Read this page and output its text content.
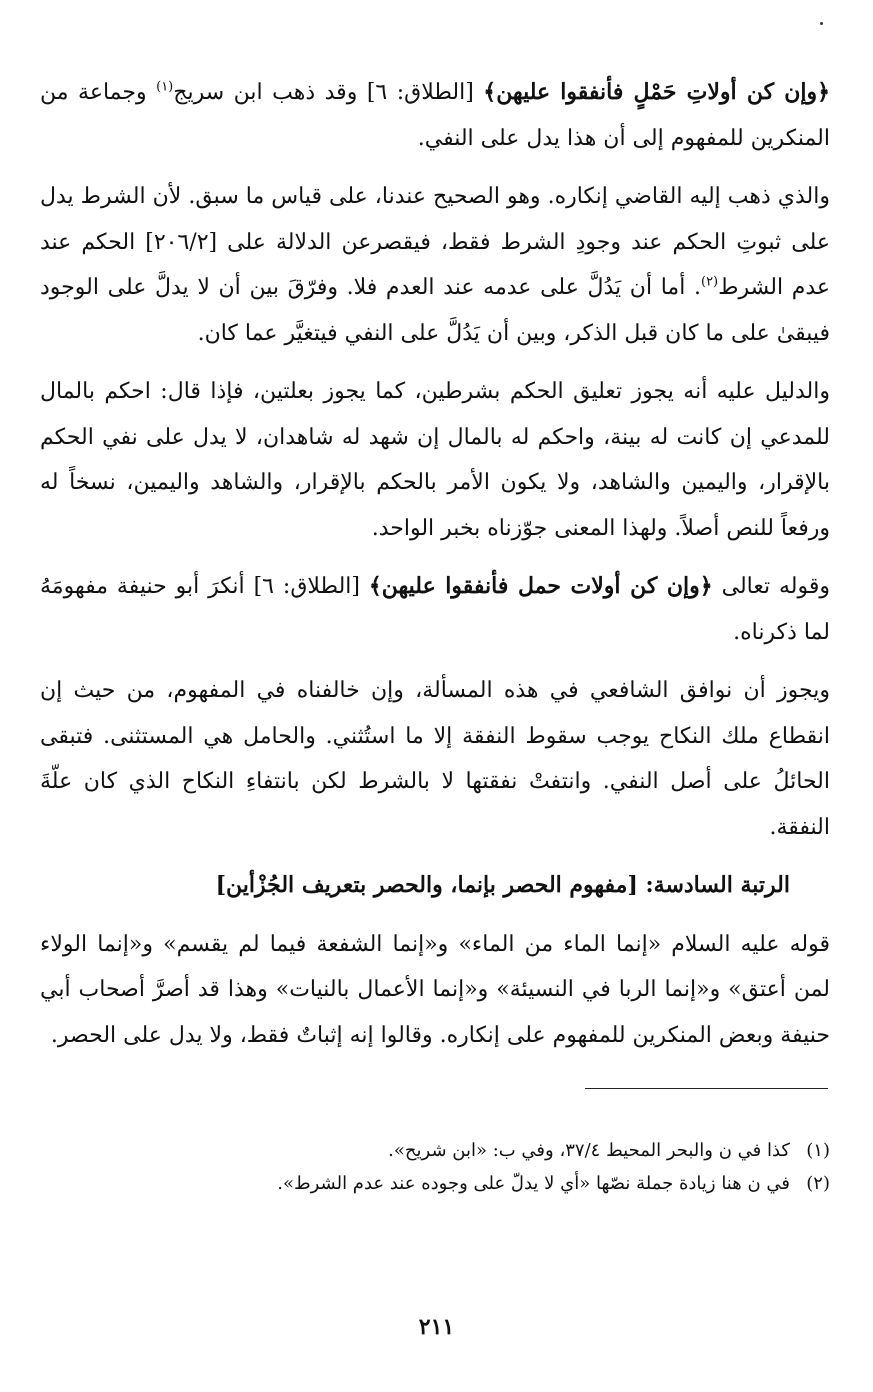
﴿وإن كن أولاتِ حَمْلٍ فأنفقوا عليهن﴾ [الطلاق: ٦] وقد ذهب ابن سريج$^{(١)}$ وجماعة من المنكرين للمفهوم إلى أن هذا يدل على النفي.

والذي ذهب إليه القاضي إنكاره. وهو الصحيح عندنا، على قياس ما سبق. لأن الشرط يدل على ثبوتِ الحكم عند وجودِ الشرط فقط، فيقصرعن الدلالة على [٢٠٦/٢] الحكم عند عدم الشرط$^{(٢)}$. أما أن يَدُلَّ على عدمه عند العدم فلا. وفرّقَ بين أن لا يدلَّ على الوجود فيبقىٰ على ما كان قبل الذكر، وبين أن يَدُلَّ على النفي فيتغيَّر عما كان.

والدليل عليه أنه يجوز تعليق الحكم بشرطين، كما يجوز بعلتين، فإذا قال: احكم بالمال للمدعي إن كانت له بينة، واحكم له بالمال إن شهد له شاهدان، لا يدل على نفي الحكم بالإقرار، واليمين والشاهد، ولا يكون الأمر بالحكم بالإقرار، والشاهد واليمين، نسخاً له ورفعاً للنص أصلاً. ولهذا المعنى جوّزناه بخبر الواحد.

وقوله تعالى ﴿وإن كن أولات حمل فأنفقوا عليهن﴾ [الطلاق: ٦] أنكرَ أبو حنيفة مفهومَهُ لما ذكرناه.

ويجوز أن نوافق الشافعي في هذه المسألة، وإن خالفناه في المفهوم، من حيث إن انقطاع ملك النكاح يوجب سقوط النفقة إلا ما استُثني. والحامل هي المستثنى. فتبقى الحائلُ على أصل النفي. وانتفتْ نفقتها لا بالشرط لكن بانتفاءِ النكاح الذي كان علّةَ النفقة.

الرتبة السادسة: [مفهوم الحصر بإنما، والحصر بتعريف الجُزْأين]

قوله عليه السلام «إنما الماء من الماء» و«إنما الشفعة فيما لم يقسم» و«إنما الولاء لمن أعتق» و«إنما الربا في النسيئة» و«إنما الأعمال بالنيات» وهذا قد أصرَّ أصحاب أبي حنيفة وبعض المنكرين للمفهوم على إنكاره. وقالوا إنه إثباتٌ فقط، ولا يدل على الحصر.

(١)كذا في ن والبحر المحيط ٣٧/٤، وفي ب: «ابن شريح».

(٢)في ن هنا زيادة جملة نصّها «أي لا يدلّ على وجوده عند عدم الشرط».

٢١١
